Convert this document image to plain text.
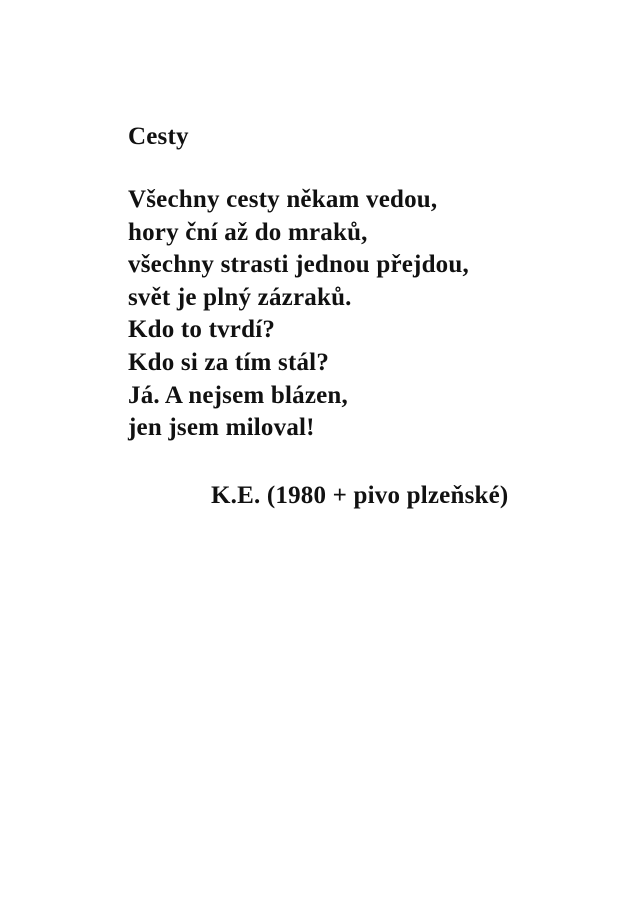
Cesty
Všechny cesty někam vedou,
hory ční až do mraků,
všechny strasti jednou přejdou,
svět je plný zázraků.
Kdo to tvrdí?
Kdo si za tím stál?
Já. A nejsem blázen,
jen jsem miloval!

K.E. (1980 + pivo plzeňské)
